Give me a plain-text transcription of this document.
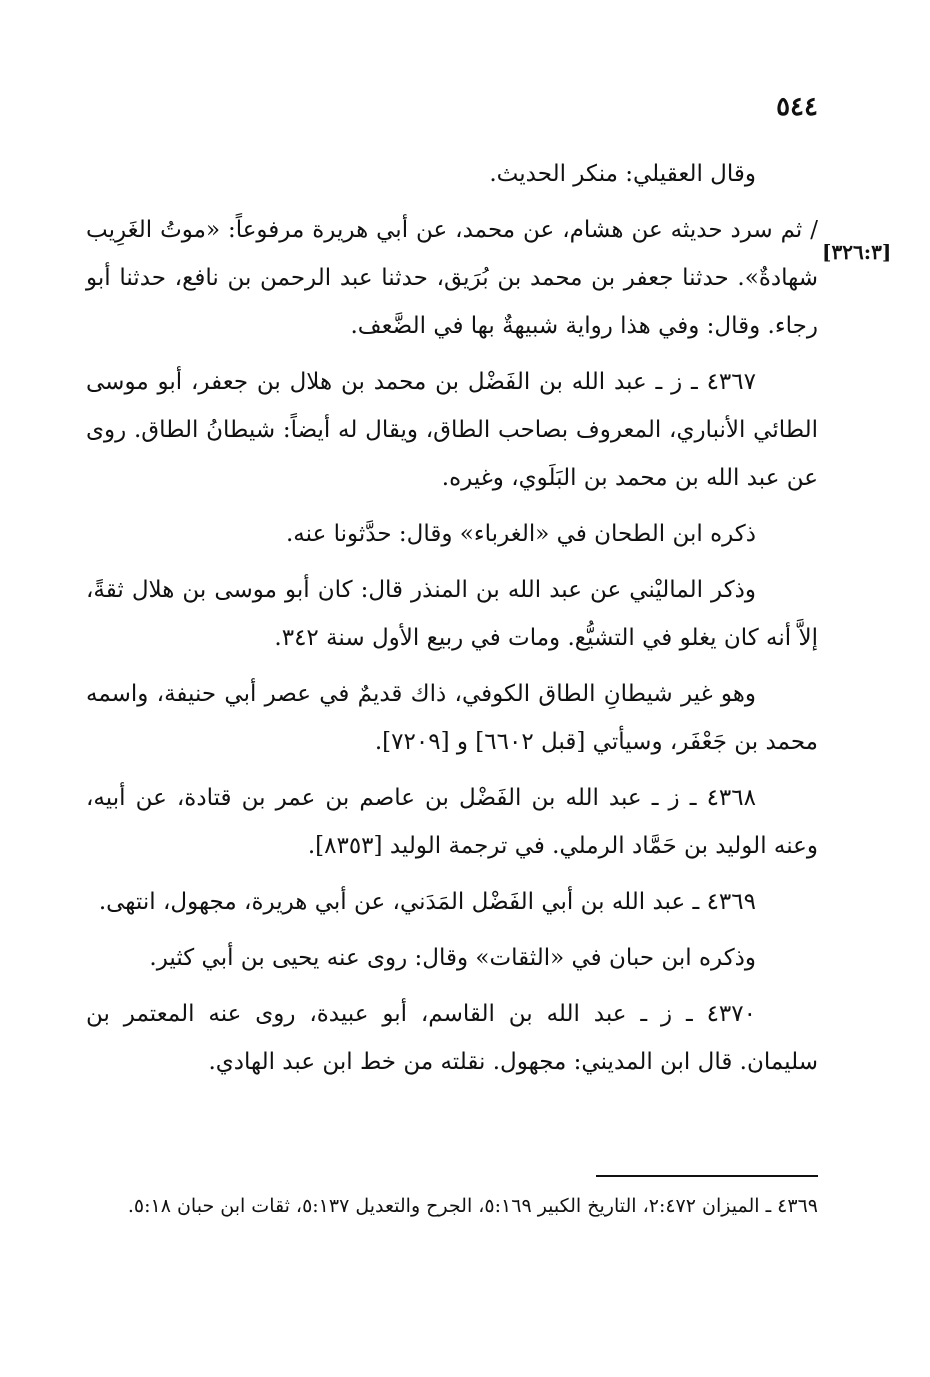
٥٤٤
[٣٢٦:٣]

وقال العقيلي: منكر الحديث.

/ ثم سرد حديثه عن هشام، عن محمد، عن أبي هريرة مرفوعاً: «موتُ الغَرِيب شهادةٌ». حدثنا جعفر بن محمد بن بُرَيق، حدثنا عبد الرحمن بن نافع، حدثنا أبو رجاء. وقال: وفي هذا رواية شبيهةٌ بها في الضَّعف.

٤٣٦٧ ـ ز ـ عبد الله بن الفَضْل بن محمد بن هلال بن جعفر، أبو موسى الطائي الأنباري، المعروف بصاحب الطاق، ويقال له أيضاً: شيطانُ الطاق. روى عن عبد الله بن محمد بن البَلَوي، وغيره.

ذكره ابن الطحان في «الغرباء» وقال: حدَّثونا عنه.

وذكر الماليْني عن عبد الله بن المنذر قال: كان أبو موسى بن هلال ثقةً، إلاَّ أنه كان يغلو في التشيُّع. ومات في ربيع الأول سنة ٣٤٢.

وهو غير شيطانِ الطاق الكوفي، ذاك قديمٌ في عصر أبي حنيفة، واسمه محمد بن جَعْفَر، وسيأتي [قبل ٦٦٠٢] و [٧٢٠٩].

٤٣٦٨ ـ ز ـ عبد الله بن الفَضْل بن عاصم بن عمر بن قتادة، عن أبيه، وعنه الوليد بن حَمَّاد الرملي. في ترجمة الوليد [٨٣٥٣].

٤٣٦٩ ـ عبد الله بن أبي الفَضْل المَدَني، عن أبي هريرة، مجهول، انتهى.

وذكره ابن حبان في «الثقات» وقال: روى عنه يحيى بن أبي كثير.

٤٣٧٠ ـ ز ـ عبد الله بن القاسم، أبو عبيدة، روى عنه المعتمر بن سليمان. قال ابن المديني: مجهول. نقلته من خط ابن عبد الهادي.

٤٣٦٩ ـ الميزان ٢:٤٧٢، التاريخ الكبير ٥:١٦٩، الجرح والتعديل ٥:١٣٧، ثقات ابن حبان ٥:١٨.
